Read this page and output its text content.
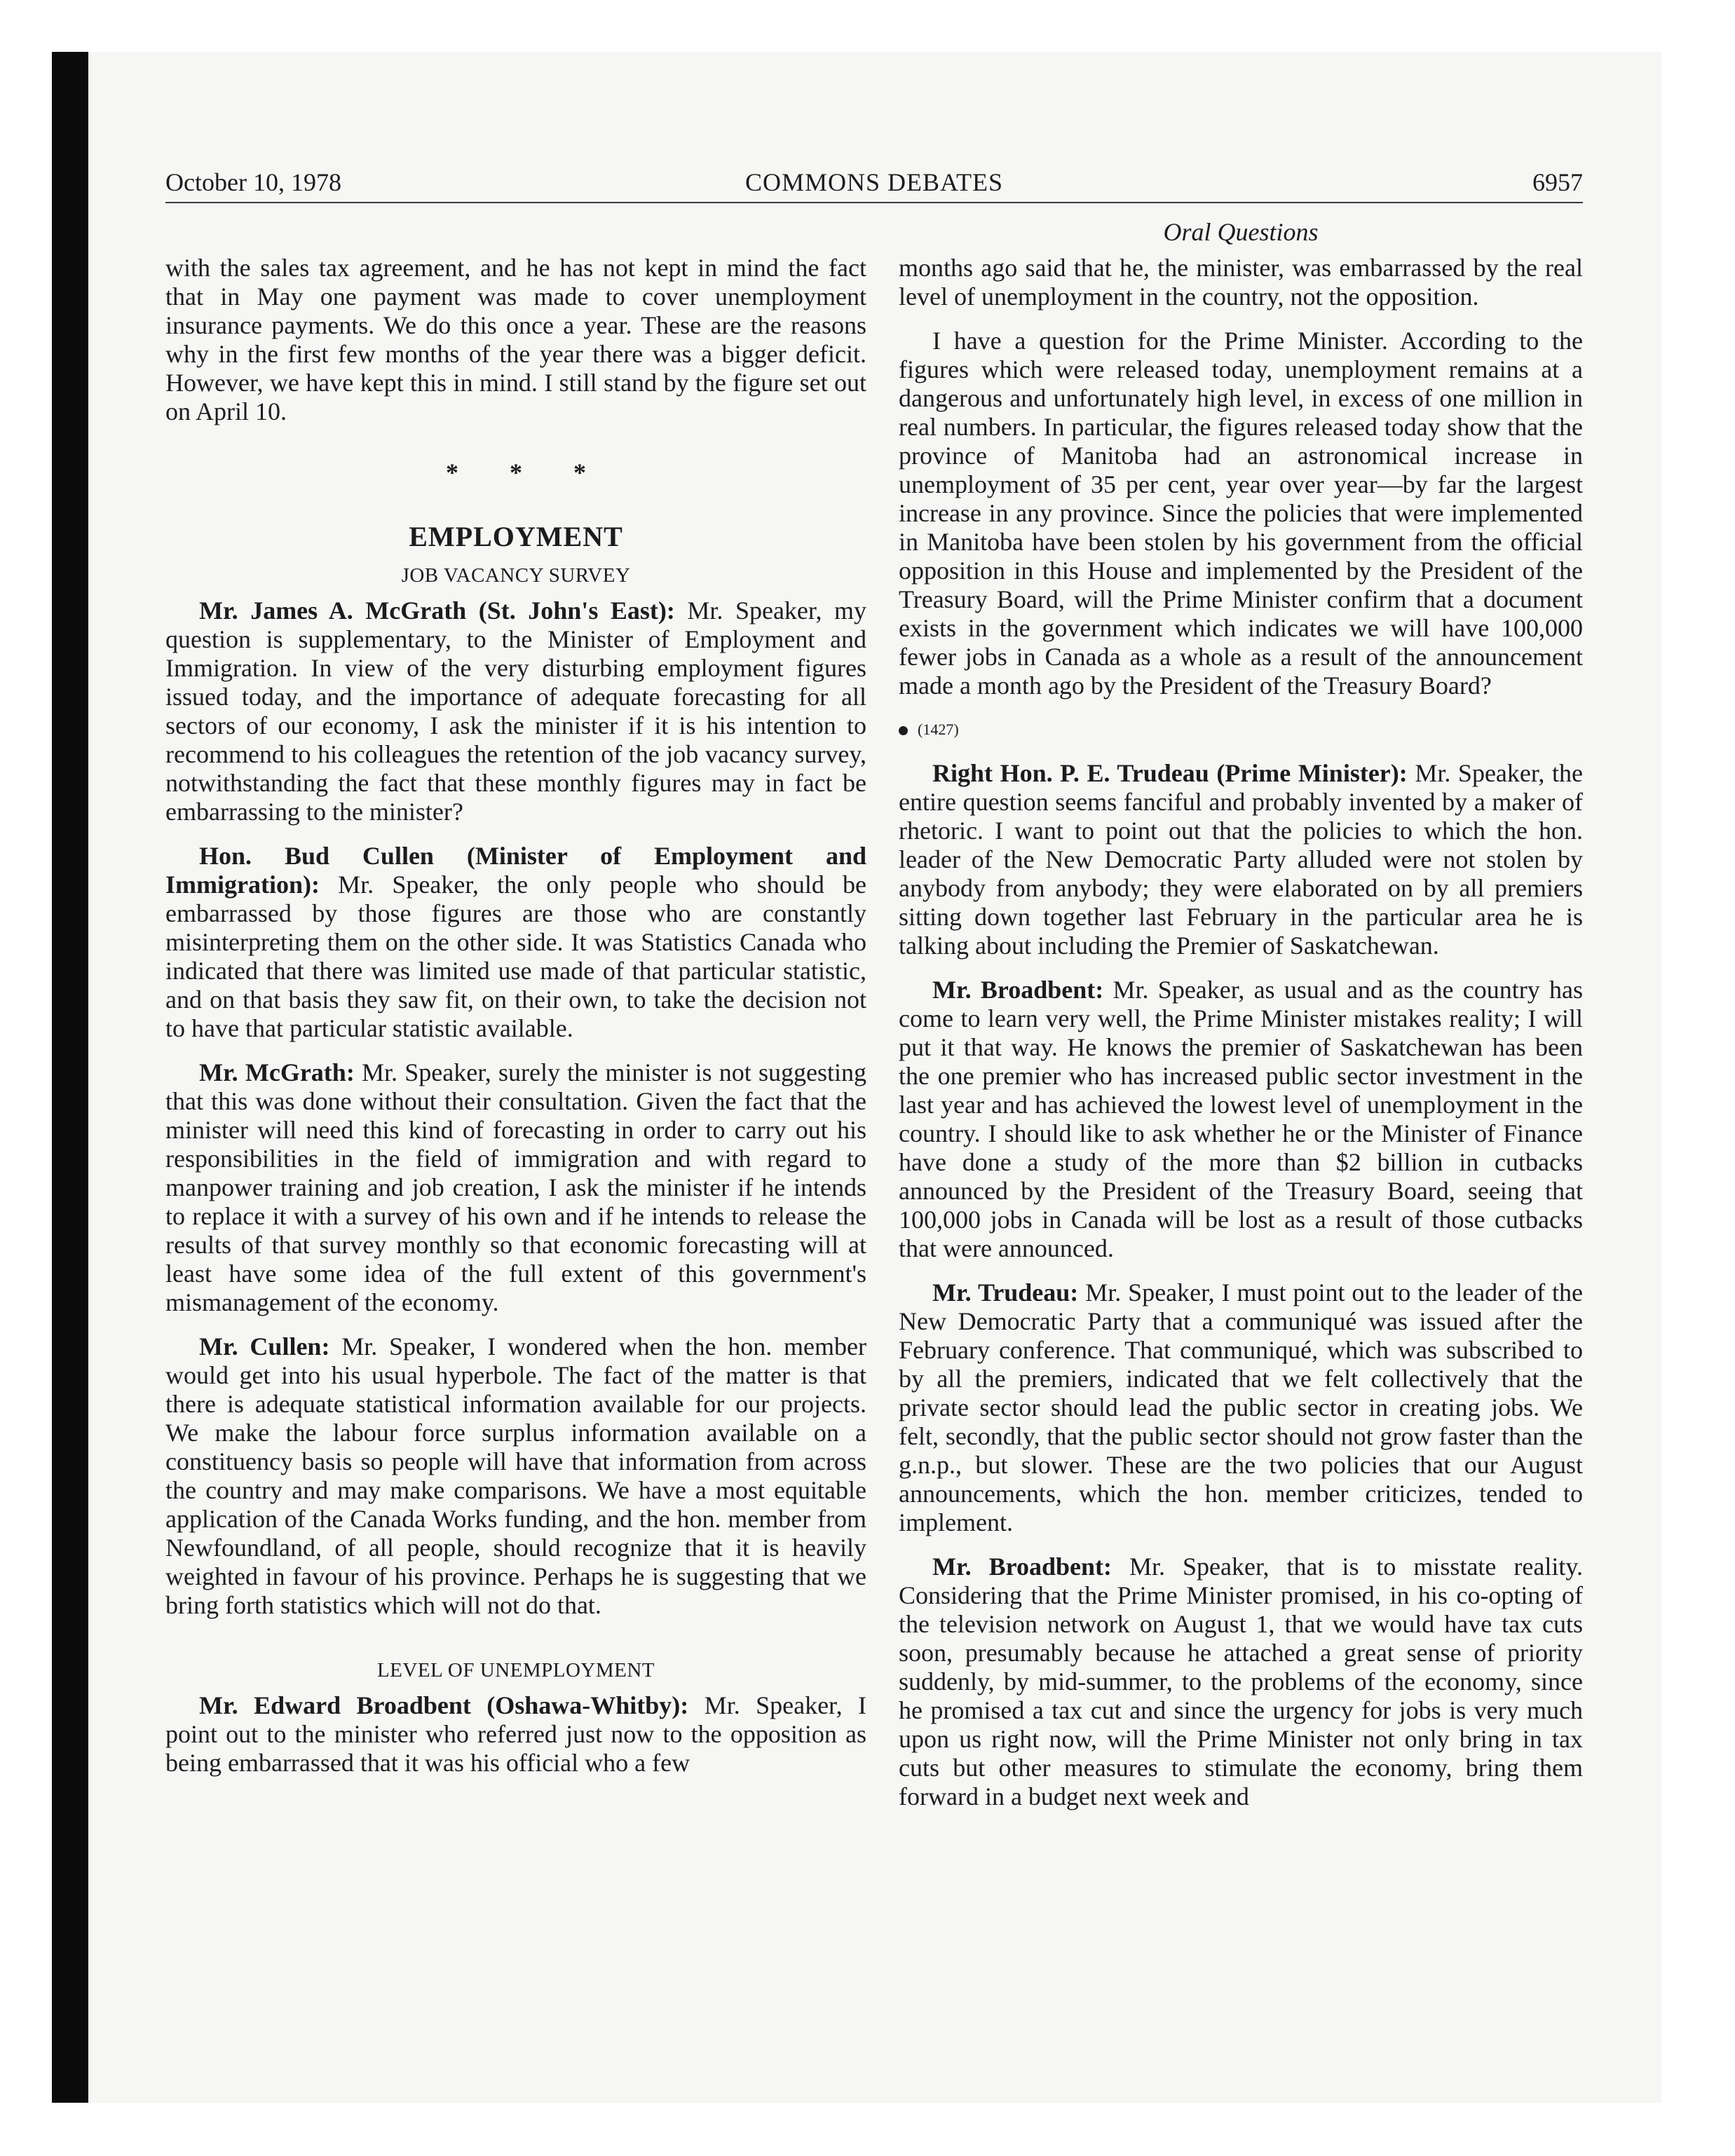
October 10, 1978	COMMONS DEBATES	6957
Oral Questions

with the sales tax agreement, and he has not kept in mind the fact that in May one payment was made to cover unemployment insurance payments. We do this once a year. These are the reasons why in the first few months of the year there was a bigger deficit. However, we have kept this in mind. I still stand by the figure set out on April 10.

* * *
EMPLOYMENT
JOB VACANCY SURVEY

Mr. James A. McGrath (St. John's East): Mr. Speaker, my question is supplementary, to the Minister of Employment and Immigration. In view of the very disturbing employment figures issued today, and the importance of adequate forecasting for all sectors of our economy, I ask the minister if it is his intention to recommend to his colleagues the retention of the job vacancy survey, notwithstanding the fact that these monthly figures may in fact be embarrassing to the minister?

Hon. Bud Cullen (Minister of Employment and Immigration): Mr. Speaker, the only people who should be embarrassed by those figures are those who are constantly misinterpreting them on the other side. It was Statistics Canada who indicated that there was limited use made of that particular statistic, and on that basis they saw fit, on their own, to take the decision not to have that particular statistic available.

Mr. McGrath: Mr. Speaker, surely the minister is not suggesting that this was done without their consultation. Given the fact that the minister will need this kind of forecasting in order to carry out his responsibilities in the field of immigration and with regard to manpower training and job creation, I ask the minister if he intends to replace it with a survey of his own and if he intends to release the results of that survey monthly so that economic forecasting will at least have some idea of the full extent of this government's mismanagement of the economy.

Mr. Cullen: Mr. Speaker, I wondered when the hon. member would get into his usual hyperbole. The fact of the matter is that there is adequate statistical information available for our projects. We make the labour force surplus information available on a constituency basis so people will have that information from across the country and may make comparisons. We have a most equitable application of the Canada Works funding, and the hon. member from Newfoundland, of all people, should recognize that it is heavily weighted in favour of his province. Perhaps he is suggesting that we bring forth statistics which will not do that.

LEVEL OF UNEMPLOYMENT

Mr. Edward Broadbent (Oshawa-Whitby): Mr. Speaker, I point out to the minister who referred just now to the opposition as being embarrassed that it was his official who a few

months ago said that he, the minister, was embarrassed by the real level of unemployment in the country, not the opposition.

I have a question for the Prime Minister. According to the figures which were released today, unemployment remains at a dangerous and unfortunately high level, in excess of one million in real numbers. In particular, the figures released today show that the province of Manitoba had an astronomical increase in unemployment of 35 per cent, year over year—by far the largest increase in any province. Since the policies that were implemented in Manitoba have been stolen by his government from the official opposition in this House and implemented by the President of the Treasury Board, will the Prime Minister confirm that a document exists in the government which indicates we will have 100,000 fewer jobs in Canada as a whole as a result of the announcement made a month ago by the President of the Treasury Board?

(1427)

Right Hon. P. E. Trudeau (Prime Minister): Mr. Speaker, the entire question seems fanciful and probably invented by a maker of rhetoric. I want to point out that the policies to which the hon. leader of the New Democratic Party alluded were not stolen by anybody from anybody; they were elaborated on by all premiers sitting down together last February in the particular area he is talking about including the Premier of Saskatchewan.

Mr. Broadbent: Mr. Speaker, as usual and as the country has come to learn very well, the Prime Minister mistakes reality; I will put it that way. He knows the premier of Saskatchewan has been the one premier who has increased public sector investment in the last year and has achieved the lowest level of unemployment in the country. I should like to ask whether he or the Minister of Finance have done a study of the more than $2 billion in cutbacks announced by the President of the Treasury Board, seeing that 100,000 jobs in Canada will be lost as a result of those cutbacks that were announced.

Mr. Trudeau: Mr. Speaker, I must point out to the leader of the New Democratic Party that a communiqué was issued after the February conference. That communiqué, which was subscribed to by all the premiers, indicated that we felt collectively that the private sector should lead the public sector in creating jobs. We felt, secondly, that the public sector should not grow faster than the g.n.p., but slower. These are the two policies that our August announcements, which the hon. member criticizes, tended to implement.

Mr. Broadbent: Mr. Speaker, that is to misstate reality. Considering that the Prime Minister promised, in his co-opting of the television network on August 1, that we would have tax cuts soon, presumably because he attached a great sense of priority suddenly, by mid-summer, to the problems of the economy, since he promised a tax cut and since the urgency for jobs is very much upon us right now, will the Prime Minister not only bring in tax cuts but other measures to stimulate the economy, bring them forward in a budget next week and
